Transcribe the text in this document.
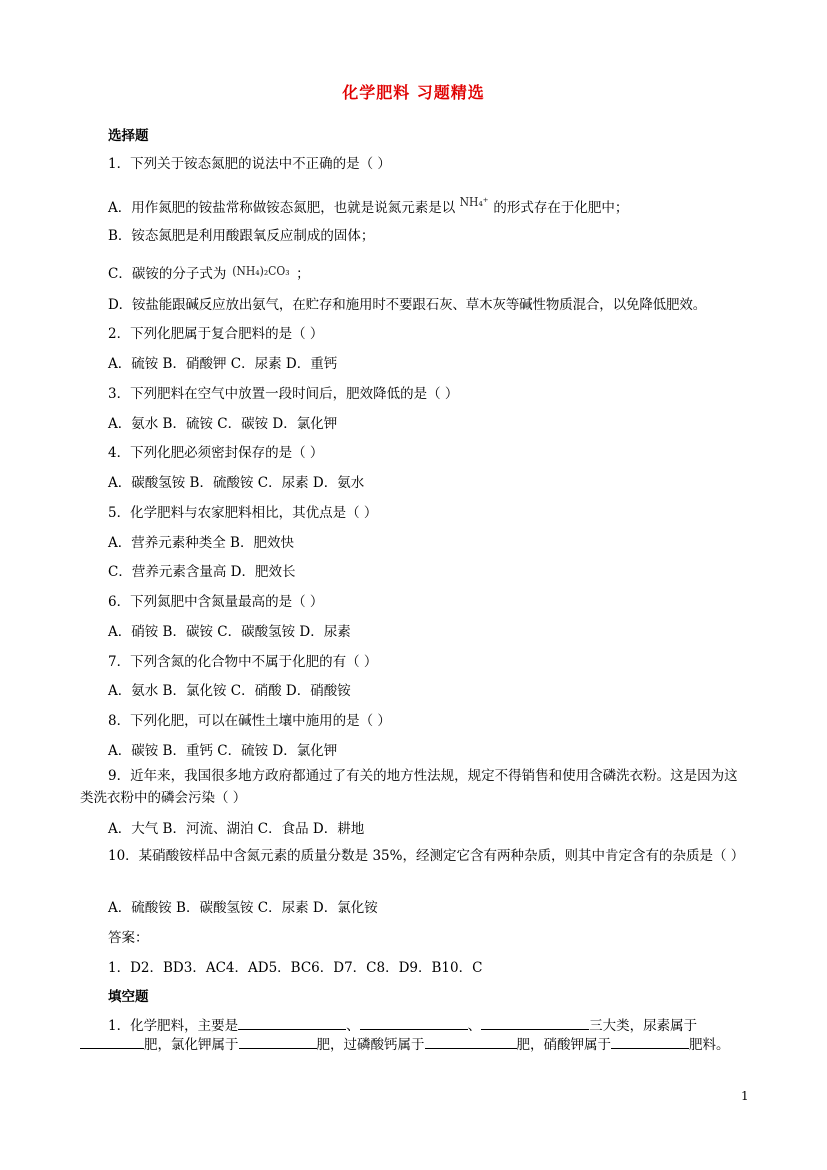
化学肥料 习题精选
选择题
1．下列关于铵态氮肥的说法中不正确的是（ ）
A．用作氮肥的铵盐常称做铵态氮肥，也就是说氮元素是以 NH₄⁺ 的形式存在于化肥中；
B．铵态氮肥是利用酸跟氧反应制成的固体；
C．碳铵的分子式为 (NH₄)₂CO₃ ；
D．铵盐能跟碱反应放出氨气，在贮存和施用时不要跟石灰、草木灰等碱性物质混合，以免降低肥效。
2．下列化肥属于复合肥料的是（ ）
A．硫铵 B．硝酸钾 C．尿素 D．重钙
3．下列肥料在空气中放置一段时间后，肥效降低的是（ ）
A．氨水 B．硫铵 C．碳铵 D．氯化钾
4．下列化肥必须密封保存的是（ ）
A．碳酸氢铵 B．硫酸铵 C．尿素 D．氨水
5．化学肥料与农家肥料相比，其优点是（ ）
A．营养元素种类全 B．肥效快
C．营养元素含量高 D．肥效长
6．下列氮肥中含氮量最高的是（ ）
A．硝铵 B．碳铵 C．碳酸氢铵 D．尿素
7．下列含氮的化合物中不属于化肥的有（ ）
A．氨水 B．氯化铵 C．硝酸 D．硝酸铵
8．下列化肥，可以在碱性土壤中施用的是（ ）
A．碳铵 B．重钙 C．硫铵 D．氯化钾
9．近年来，我国很多地方政府都通过了有关的地方性法规，规定不得销售和使用含磷洗衣粉。这是因为这类洗衣粉中的磷会污染（ ）
A．大气 B．河流、湖泊 C．食品 D．耕地
10．某硝酸铵样品中含氮元素的质量分数是 35%，经测定它含有两种杂质，则其中肯定含有的杂质是（ ）
A．硫酸铵 B．碳酸氢铵 C．尿素 D．氯化铵
答案：
1．D2．BD3．AC4．AD5．BC6．D7．C8．D9．B10．C
填空题
1．化学肥料，主要是	、	、	三大类，尿素属于
肥，氯化钾属于	肥，过磷酸钙属于	肥，硝酸钾属于	肥料。
1
